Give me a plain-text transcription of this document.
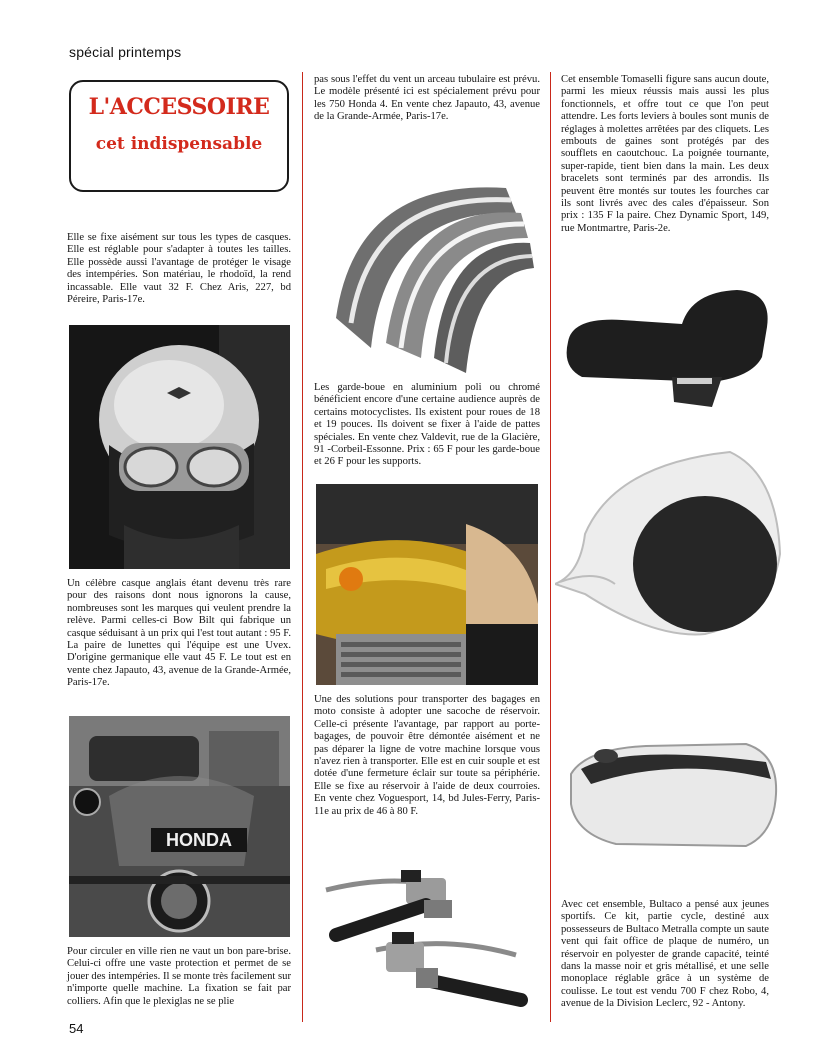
spécial printemps
L'ACCESSOIRE
cet indispensable
Elle se fixe aisément sur tous les types de casques. Elle est réglable pour s'adapter à toutes les tailles. Elle possède aussi l'avantage de protéger le visage des intempéries. Son matériau, le rhodoïd, la rend incassable. Elle vaut 32 F. Chez Aris, 227, bd Péreire, Paris-17e.
Un célèbre casque anglais étant devenu très rare pour des raisons dont nous ignorons la cause, nombreuses sont les marques qui veulent prendre la relève. Parmi celles-ci Bow Bilt qui fabrique un casque séduisant à un prix qui l'est tout autant : 95 F. La paire de lunettes qui l'équipe est une Uvex. D'origine germanique elle vaut 45 F. Le tout est en vente chez Japauto, 43, avenue de la Grande-Armée, Paris-17e.
HONDA
Pour circuler en ville rien ne vaut un bon pare-brise. Celui-ci offre une vaste protection et permet de se jouer des intempéries. Il se monte très facilement sur n'importe quelle machine. La fixation se fait par colliers. Afin que le plexiglas ne se plie
pas sous l'effet du vent un arceau tubulaire est prévu. Le modèle présenté ici est spécialement prévu pour les 750 Honda 4. En vente chez Japauto, 43, avenue de la Grande-Armée, Paris-17e.
Les garde-boue en aluminium poli ou chromé bénéficient encore d'une certaine audience auprès de certains motocyclistes. Ils existent pour roues de 18 et 19 pouces. Ils doivent se fixer à l'aide de pattes spéciales. En vente chez Valdevit, rue de la Glacière, 91 -Corbeil-Essonne. Prix : 65 F pour les garde-boue et 26 F pour les supports.
Une des solutions pour transporter des bagages en moto consiste à adopter une sacoche de réservoir. Celle-ci présente l'avantage, par rapport au porte-bagages, de pouvoir être démontée aisément et ne pas déparer la ligne de votre machine lorsque vous n'avez rien à transporter. Elle est en cuir souple et est dotée d'une fermeture éclair sur toute sa périphérie. Elle se fixe au réservoir à l'aide de deux courroies. En vente chez Voguesport, 14, bd Jules-Ferry, Paris-11e au prix de 46 à 80 F.
Cet ensemble Tomaselli figure sans aucun doute, parmi les mieux réussis mais aussi les plus fonctionnels, et offre tout ce que l'on peut attendre. Les forts leviers à boules sont munis de réglages à molettes arrêtées par des cliquets. Les embouts de gaines sont protégés par des soufflets en caoutchouc. La poignée tournante, super-rapide, tient bien dans la main. Les deux bracelets sont terminés par des arrondis. Ils peuvent être montés sur toutes les fourches car ils sont livrés avec des cales d'épaisseur. Son prix : 135 F la paire. Chez Dynamic Sport, 149, rue Montmartre, Paris-2e.
Avec cet ensemble, Bultaco a pensé aux jeunes sportifs. Ce kit, partie cycle, destiné aux possesseurs de Bultaco Metralla compte un saute vent qui fait office de plaque de numéro, un réservoir en polyester de grande capacité, teinté dans la masse noir et gris métallisé, et une selle monoplace réglable grâce à un système de coulisse. Le tout est vendu 700 F chez Robo, 4, avenue de la Division Leclerc, 92 - Antony.
54
